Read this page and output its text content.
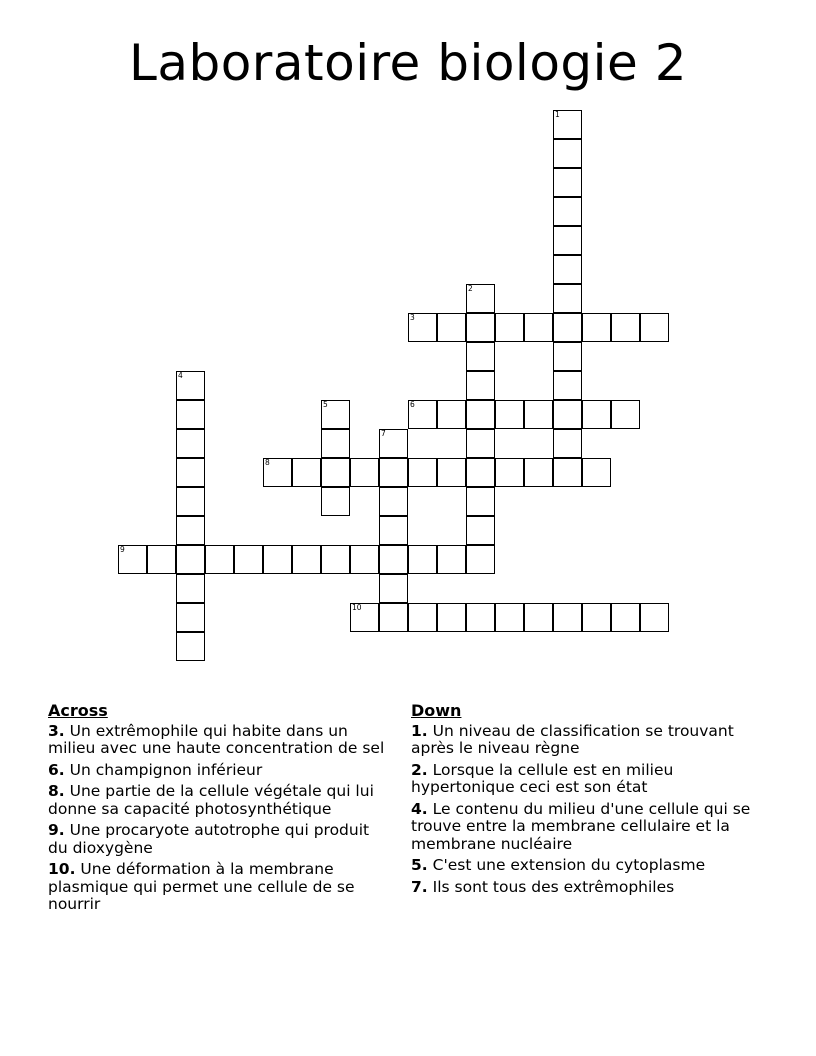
Laboratoire biologie 2
1
2
3
4
5	6
7
8
9
10
Across
3. Un extrêmophile qui habite dans un milieu avec une haute concentration de sel
6. Un champignon inférieur
8. Une partie de la cellule végétale qui lui donne sa capacité photosynthétique
9. Une procaryote autotrophe qui produit du dioxygène
10. Une déformation à la membrane plasmique qui permet une cellule de se nourrir
Down
1. Un niveau de classification se trouvant après le niveau règne
2. Lorsque la cellule est en milieu hypertonique ceci est son état
4. Le contenu du milieu d'une cellule qui se trouve entre la membrane cellulaire et la membrane nucléaire
5. C'est une extension du cytoplasme
7. Ils sont tous des extrêmophiles
